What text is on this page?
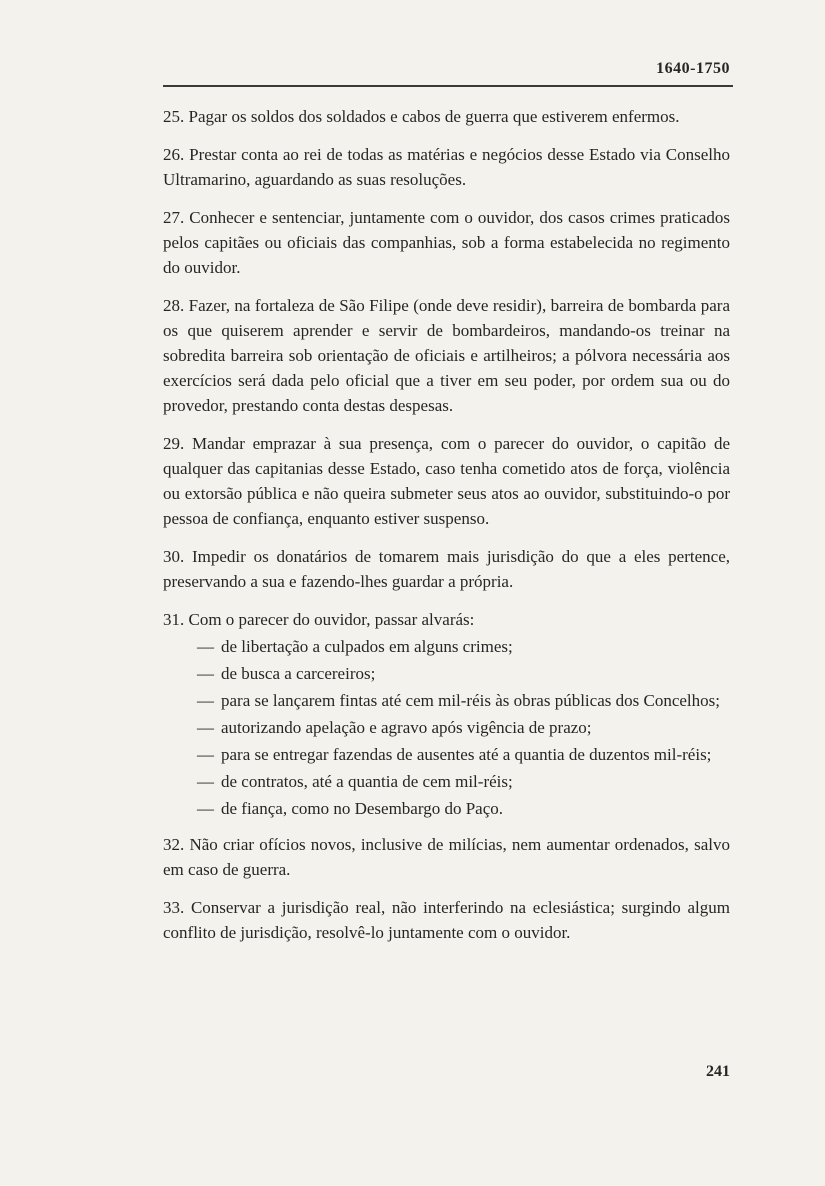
1640-1750

25. Pagar os soldos dos soldados e cabos de guerra que estiverem enfermos.

26. Prestar conta ao rei de todas as matérias e negócios desse Estado via Conselho Ultramarino, aguardando as suas resoluções.

27. Conhecer e sentenciar, juntamente com o ouvidor, dos casos crimes praticados pelos capitães ou oficiais das companhias, sob a forma estabelecida no regimento do ouvidor.

28. Fazer, na fortaleza de São Filipe (onde deve residir), barreira de bombarda para os que quiserem aprender e servir de bombardeiros, mandando-os treinar na sobredita barreira sob orientação de oficiais e artilheiros; a pólvora necessária aos exercícios será dada pelo oficial que a tiver em seu poder, por ordem sua ou do provedor, prestando conta destas despesas.

29. Mandar emprazar à sua presença, com o parecer do ouvidor, o capitão de qualquer das capitanias desse Estado, caso tenha cometido atos de força, violência ou extorsão pública e não queira submeter seus atos ao ouvidor, substituindo-o por pessoa de confiança, enquanto estiver suspenso.

30. Impedir os donatários de tomarem mais jurisdição do que a eles pertence, preservando a sua e fazendo-lhes guardar a própria.

31. Com o parecer do ouvidor, passar alvarás:

— de libertação a culpados em alguns crimes;
— de busca a carcereiros;
— para se lançarem fintas até cem mil-réis às obras públicas dos Concelhos;
— autorizando apelação e agravo após vigência de prazo;
— para se entregar fazendas de ausentes até a quantia de duzentos mil-réis;
— de contratos, até a quantia de cem mil-réis;
— de fiança, como no Desembargo do Paço.

32. Não criar ofícios novos, inclusive de milícias, nem aumentar ordenados, salvo em caso de guerra.

33. Conservar a jurisdição real, não interferindo na eclesiástica; surgindo algum conflito de jurisdição, resolvê-lo juntamente com o ouvidor.

241
